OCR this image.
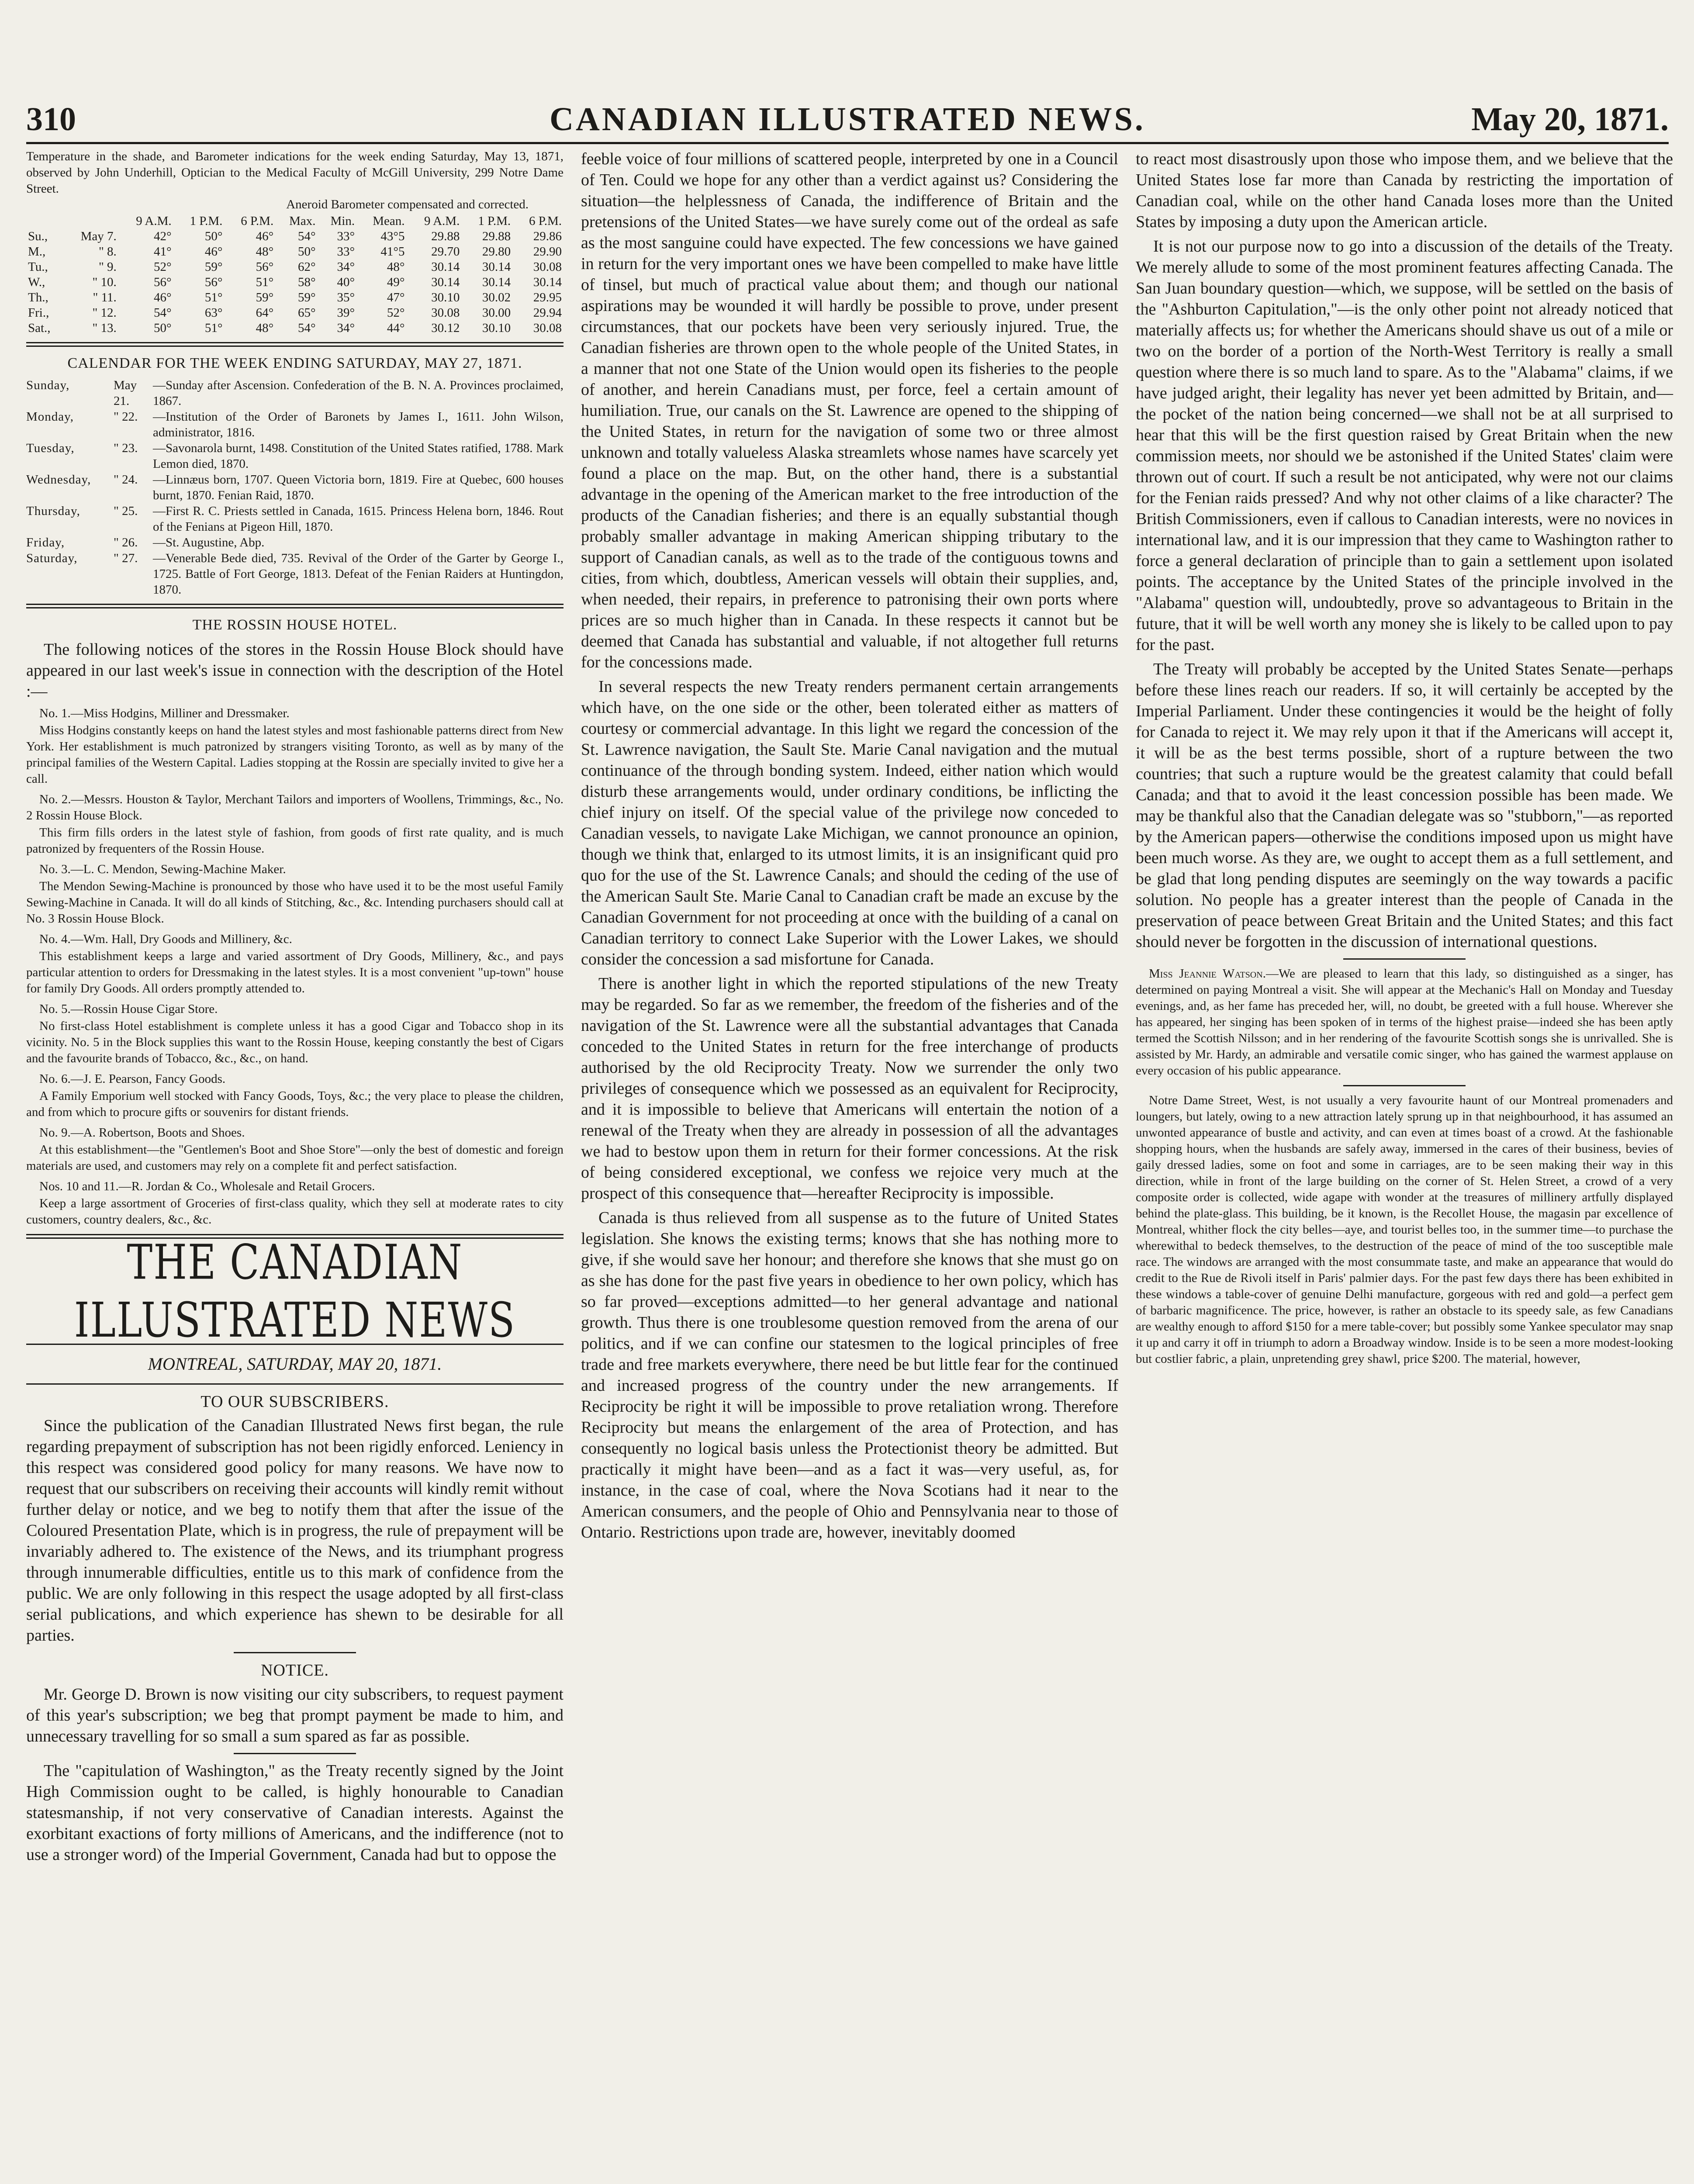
310	CANADIAN ILLUSTRATED NEWS.	May 20, 1871.
Temperature in the shade, and Barometer indications for the week ending Saturday, May 13, 1871, observed by John Underhill, Optician to the Medical Faculty of McGill University, 299 Notre Dame Street.
Aneroid Barometer compensated and corrected.
		9 A.M.	1 P.M.	6 P.M.	Max.	Min.	Mean.	9 A.M.	1 P.M.	6 P.M.
Su.,	May 7.	42°	50°	46°	54°	33°	43°5	29.88	29.88	29.86
M.,	" 8.	41°	46°	48°	50°	33°	41°5	29.70	29.80	29.90
Tu.,	" 9.	52°	59°	56°	62°	34°	48°	30.14	30.14	30.08
W.,	" 10.	56°	56°	51°	58°	40°	49°	30.14	30.14	30.14
Th.,	" 11.	46°	51°	59°	59°	35°	47°	30.10	30.02	29.95
Fri.,	" 12.	54°	63°	64°	65°	39°	52°	30.08	30.00	29.94
Sat.,	" 13.	50°	51°	48°	54°	34°	44°	30.12	30.10	30.08
CALENDAR FOR THE WEEK ENDING SATURDAY, MAY 27, 1871.
Sunday,	May 21.	—Sunday after Ascension. Confederation of the B. N. A. Provinces proclaimed, 1867.
Monday,	" 22.	—Institution of the Order of Baronets by James I., 1611. John Wilson, administrator, 1816.
Tuesday,	" 23.	—Savonarola burnt, 1498. Constitution of the United States ratified, 1788. Mark Lemon died, 1870.
Wednesday,	" 24.	—Linnæus born, 1707. Queen Victoria born, 1819. Fire at Quebec, 600 houses burnt, 1870. Fenian Raid, 1870.
Thursday,	" 25.	—First R. C. Priests settled in Canada, 1615. Princess Helena born, 1846. Rout of the Fenians at Pigeon Hill, 1870.
Friday,	" 26.	—St. Augustine, Abp.
Saturday,	" 27.	—Venerable Bede died, 735. Revival of the Order of the Garter by George I., 1725. Battle of Fort George, 1813. Defeat of the Fenian Raiders at Huntingdon, 1870.
THE ROSSIN HOUSE HOTEL.

The following notices of the stores in the Rossin House Block should have appeared in our last week's issue in connection with the description of the Hotel :—

No. 1.—Miss Hodgins, Milliner and Dressmaker.

Miss Hodgins constantly keeps on hand the latest styles and most fashionable patterns direct from New York. Her establishment is much patronized by strangers visiting Toronto, as well as by many of the principal families of the Western Capital. Ladies stopping at the Rossin are specially invited to give her a call.

No. 2.—Messrs. Houston & Taylor, Merchant Tailors and importers of Woollens, Trimmings, &c., No. 2 Rossin House Block.

This firm fills orders in the latest style of fashion, from goods of first rate quality, and is much patronized by frequenters of the Rossin House.

No. 3.—L. C. Mendon, Sewing-Machine Maker.

The Mendon Sewing-Machine is pronounced by those who have used it to be the most useful Family Sewing-Machine in Canada. It will do all kinds of Stitching, &c., &c. Intending purchasers should call at No. 3 Rossin House Block.

No. 4.—Wm. Hall, Dry Goods and Millinery, &c.

This establishment keeps a large and varied assortment of Dry Goods, Millinery, &c., and pays particular attention to orders for Dressmaking in the latest styles. It is a most convenient "up-town" house for family Dry Goods. All orders promptly attended to.

No. 5.—Rossin House Cigar Store.

No first-class Hotel establishment is complete unless it has a good Cigar and Tobacco shop in its vicinity. No. 5 in the Block supplies this want to the Rossin House, keeping constantly the best of Cigars and the favourite brands of Tobacco, &c., &c., on hand.

No. 6.—J. E. Pearson, Fancy Goods.

A Family Emporium well stocked with Fancy Goods, Toys, &c.; the very place to please the children, and from which to procure gifts or souvenirs for distant friends.

No. 9.—A. Robertson, Boots and Shoes.

At this establishment—the "Gentlemen's Boot and Shoe Store"—only the best of domestic and foreign materials are used, and customers may rely on a complete fit and perfect satisfaction.

Nos. 10 and 11.—R. Jordan & Co., Wholesale and Retail Grocers.

Keep a large assortment of Groceries of first-class quality, which they sell at moderate rates to city customers, country dealers, &c., &c.

THE CANADIAN ILLUSTRATED NEWS
MONTREAL, SATURDAY, MAY 20, 1871.
TO OUR SUBSCRIBERS.

Since the publication of the Canadian Illustrated News first began, the rule regarding prepayment of subscription has not been rigidly enforced. Leniency in this respect was considered good policy for many reasons. We have now to request that our subscribers on receiving their accounts will kindly remit without further delay or notice, and we beg to notify them that after the issue of the Coloured Presentation Plate, which is in progress, the rule of prepayment will be invariably adhered to. The existence of the News, and its triumphant progress through innumerable difficulties, entitle us to this mark of confidence from the public. We are only following in this respect the usage adopted by all first-class serial publications, and which experience has shewn to be desirable for all parties.

NOTICE.

Mr. George D. Brown is now visiting our city subscribers, to request payment of this year's subscription; we beg that prompt payment be made to him, and unnecessary travelling for so small a sum spared as far as possible.

The "capitulation of Washington," as the Treaty recently signed by the Joint High Commission ought to be called, is highly honourable to Canadian statesmanship, if not very conservative of Canadian interests. Against the exorbitant exactions of forty millions of Americans, and the indifference (not to use a stronger word) of the Imperial Government, Canada had but to oppose the

feeble voice of four millions of scattered people, interpreted by one in a Council of Ten. Could we hope for any other than a verdict against us? Considering the situation—the helplessness of Canada, the indifference of Britain and the pretensions of the United States—we have surely come out of the ordeal as safe as the most sanguine could have expected. The few concessions we have gained in return for the very important ones we have been compelled to make have little of tinsel, but much of practical value about them; and though our national aspirations may be wounded it will hardly be possible to prove, under present circumstances, that our pockets have been very seriously injured. True, the Canadian fisheries are thrown open to the whole people of the United States, in a manner that not one State of the Union would open its fisheries to the people of another, and herein Canadians must, per force, feel a certain amount of humiliation. True, our canals on the St. Lawrence are opened to the shipping of the United States, in return for the navigation of some two or three almost unknown and totally valueless Alaska streamlets whose names have scarcely yet found a place on the map. But, on the other hand, there is a substantial advantage in the opening of the American market to the free introduction of the products of the Canadian fisheries; and there is an equally substantial though probably smaller advantage in making American shipping tributary to the support of Canadian canals, as well as to the trade of the contiguous towns and cities, from which, doubtless, American vessels will obtain their supplies, and, when needed, their repairs, in preference to patronising their own ports where prices are so much higher than in Canada. In these respects it cannot but be deemed that Canada has substantial and valuable, if not altogether full returns for the concessions made.

In several respects the new Treaty renders permanent certain arrangements which have, on the one side or the other, been tolerated either as matters of courtesy or commercial advantage. In this light we regard the concession of the St. Lawrence navigation, the Sault Ste. Marie Canal navigation and the mutual continuance of the through bonding system. Indeed, either nation which would disturb these arrangements would, under ordinary conditions, be inflicting the chief injury on itself. Of the special value of the privilege now conceded to Canadian vessels, to navigate Lake Michigan, we cannot pronounce an opinion, though we think that, enlarged to its utmost limits, it is an insignificant quid pro quo for the use of the St. Lawrence Canals; and should the ceding of the use of the American Sault Ste. Marie Canal to Canadian craft be made an excuse by the Canadian Government for not proceeding at once with the building of a canal on Canadian territory to connect Lake Superior with the Lower Lakes, we should consider the concession a sad misfortune for Canada.

There is another light in which the reported stipulations of the new Treaty may be regarded. So far as we remember, the freedom of the fisheries and of the navigation of the St. Lawrence were all the substantial advantages that Canada conceded to the United States in return for the free interchange of products authorised by the old Reciprocity Treaty. Now we surrender the only two privileges of consequence which we possessed as an equivalent for Reciprocity, and it is impossible to believe that Americans will entertain the notion of a renewal of the Treaty when they are already in possession of all the advantages we had to bestow upon them in return for their former concessions. At the risk of being considered exceptional, we confess we rejoice very much at the prospect of this consequence that—hereafter Reciprocity is impossible.

Canada is thus relieved from all suspense as to the future of United States legislation. She knows the existing terms; knows that she has nothing more to give, if she would save her honour; and therefore she knows that she must go on as she has done for the past five years in obedience to her own policy, which has so far proved—exceptions admitted—to her general advantage and national growth. Thus there is one troublesome question removed from the arena of our politics, and if we can confine our statesmen to the logical principles of free trade and free markets everywhere, there need be but little fear for the continued and increased progress of the country under the new arrangements. If Reciprocity be right it will be impossible to prove retaliation wrong. Therefore Reciprocity but means the enlargement of the area of Protection, and has consequently no logical basis unless the Protectionist theory be admitted. But practically it might have been—and as a fact it was—very useful, as, for instance, in the case of coal, where the Nova Scotians had it near to the American consumers, and the people of Ohio and Pennsylvania near to those of Ontario. Restrictions upon trade are, however, inevitably doomed

to react most disastrously upon those who impose them, and we believe that the United States lose far more than Canada by restricting the importation of Canadian coal, while on the other hand Canada loses more than the United States by imposing a duty upon the American article.

It is not our purpose now to go into a discussion of the details of the Treaty. We merely allude to some of the most prominent features affecting Canada. The San Juan boundary question—which, we suppose, will be settled on the basis of the "Ashburton Capitulation,"—is the only other point not already noticed that materially affects us; for whether the Americans should shave us out of a mile or two on the border of a portion of the North-West Territory is really a small question where there is so much land to spare. As to the "Alabama" claims, if we have judged aright, their legality has never yet been admitted by Britain, and—the pocket of the nation being concerned—we shall not be at all surprised to hear that this will be the first question raised by Great Britain when the new commission meets, nor should we be astonished if the United States' claim were thrown out of court. If such a result be not anticipated, why were not our claims for the Fenian raids pressed? And why not other claims of a like character? The British Commissioners, even if callous to Canadian interests, were no novices in international law, and it is our impression that they came to Washington rather to force a general declaration of principle than to gain a settlement upon isolated points. The acceptance by the United States of the principle involved in the "Alabama" question will, undoubtedly, prove so advantageous to Britain in the future, that it will be well worth any money she is likely to be called upon to pay for the past.

The Treaty will probably be accepted by the United States Senate—perhaps before these lines reach our readers. If so, it will certainly be accepted by the Imperial Parliament. Under these contingencies it would be the height of folly for Canada to reject it. We may rely upon it that if the Americans will accept it, it will be as the best terms possible, short of a rupture between the two countries; that such a rupture would be the greatest calamity that could befall Canada; and that to avoid it the least concession possible has been made. We may be thankful also that the Canadian delegate was so "stubborn,"—as reported by the American papers—otherwise the conditions imposed upon us might have been much worse. As they are, we ought to accept them as a full settlement, and be glad that long pending disputes are seemingly on the way towards a pacific solution. No people has a greater interest than the people of Canada in the preservation of peace between Great Britain and the United States; and this fact should never be forgotten in the discussion of international questions.

Miss Jeannie Watson.—We are pleased to learn that this lady, so distinguished as a singer, has determined on paying Montreal a visit. She will appear at the Mechanic's Hall on Monday and Tuesday evenings, and, as her fame has preceded her, will, no doubt, be greeted with a full house. Wherever she has appeared, her singing has been spoken of in terms of the highest praise—indeed she has been aptly termed the Scottish Nilsson; and in her rendering of the favourite Scottish songs she is unrivalled. She is assisted by Mr. Hardy, an admirable and versatile comic singer, who has gained the warmest applause on every occasion of his public appearance.

Notre Dame Street, West, is not usually a very favourite haunt of our Montreal promenaders and loungers, but lately, owing to a new attraction lately sprung up in that neighbourhood, it has assumed an unwonted appearance of bustle and activity, and can even at times boast of a crowd. At the fashionable shopping hours, when the husbands are safely away, immersed in the cares of their business, bevies of gaily dressed ladies, some on foot and some in carriages, are to be seen making their way in this direction, while in front of the large building on the corner of St. Helen Street, a crowd of a very composite order is collected, wide agape with wonder at the treasures of millinery artfully displayed behind the plate-glass. This building, be it known, is the Recollet House, the magasin par excellence of Montreal, whither flock the city belles—aye, and tourist belles too, in the summer time—to purchase the wherewithal to bedeck themselves, to the destruction of the peace of mind of the too susceptible male race. The windows are arranged with the most consummate taste, and make an appearance that would do credit to the Rue de Rivoli itself in Paris' palmier days. For the past few days there has been exhibited in these windows a table-cover of genuine Delhi manufacture, gorgeous with red and gold—a perfect gem of barbaric magnificence. The price, however, is rather an obstacle to its speedy sale, as few Canadians are wealthy enough to afford $150 for a mere table-cover; but possibly some Yankee speculator may snap it up and carry it off in triumph to adorn a Broadway window. Inside is to be seen a more modest-looking but costlier fabric, a plain, unpretending grey shawl, price $200. The material, however,
